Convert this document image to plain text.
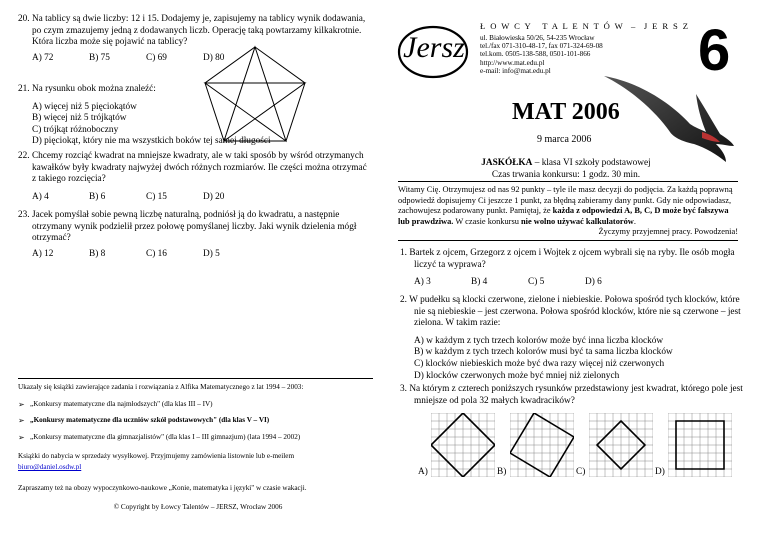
20. Na tablicy są dwie liczby: 12 i 15. Dodajemy je, zapisujemy na tablicy wynik dodawania, po czym zmazujemy jedną z dodawanych liczb. Operację taką powtarzamy kilkakrotnie. Która liczba może się pojawić na tablicy?

A) 72	B) 75	C) 69	D) 80

21. Na rysunku obok można znaleźć:

A) więcej niż 5 pięciokątów
B) więcej niż 5 trójkątów
C) trójkąt różnoboczny
D) pięciokąt, który nie ma wszystkich boków tej samej długości

22. Chcemy rozciąć kwadrat na mniejsze kwadraty, ale w taki sposób by wśród otrzymanych kawałków były kwadraty najwyżej dwóch różnych rozmiarów. Ile części można otrzymać z takiego rozcięcia?

A) 4	B) 6	C) 15	D) 20

23. Jacek pomyślał sobie pewną liczbę naturalną, podniósł ją do kwadratu, a następnie otrzymany wynik podzielił przez połowę pomyślanej liczby. Jaki wynik dzielenia mógł otrzymać?

A) 12	B) 8	C) 16	D) 5
Ukazały się książki zawierające zadania i rozwiązania z Alfika Matematycznego z lat 1994 – 2003:
➢ „Konkursy matematyczne dla najmłodszych" (dla klas III – IV)
➢ „Konkursy matematyczne dla uczniów szkół podstawowych" (dla klas V – VI)
➢ „Konkursy matematyczne dla gimnazjalistów" (dla klas I – III gimnazjum) (lata 1994 – 2002)
Książki do nabycia w sprzedaży wysyłkowej. Przyjmujemy zamówienia listownie lub e-meilem
biuro@daniel.osdw.pl
Zapraszamy też na obozy wypoczynkowo-naukowe „Konie, matematyka i języki" w czasie wakacji.
© Copyright by Łowcy Talentów – JERSZ, Wrocław 2006
Jersz
Ł O W C Y   T A L E N T Ó W  –  J E R S Z
ul. Białowieska 50/26, 54-235 Wrocław
tel./fax 071-310-48-17, fax 071-324-69-08
tel.kom. 0505-138-588, 0501-101-866
http://www.mat.edu.pl
e-mail: info@mat.edu.pl	6
MAT 2006
9 marca 2006
JASKÓŁKA – klasa VI szkoły podstawowej
Czas trwania konkursu: 1 godz. 30 min.
Witamy Cię. Otrzymujesz od nas 92 punkty – tyle ile masz decyzji do podjęcia. Za każdą poprawną odpowiedź dopisujemy Ci jeszcze 1 punkt, za błędną zabieramy dany punkt. Gdy nie odpowiadasz, zachowujesz podarowany punkt. Pamiętaj, że każda z odpowiedzi A, B, C, D może być fałszywa lub prawdziwa. W czasie konkursu nie wolno używać kalkulatorów.
Życzymy przyjemnej pracy. Powodzenia!

1. Bartek z ojcem, Grzegorz z ojcem i Wojtek z ojcem wybrali się na ryby. Ile osób mogła liczyć ta wyprawa?

A) 3	B) 4	C) 5	D) 6

2. W pudełku są klocki czerwone, zielone i niebieskie. Połowa spośród tych klocków, które nie są niebieskie – jest czerwona. Połowa spośród klocków, które nie są czerwone – jest zielona. W takim razie:

A) w każdym z tych trzech kolorów może być inna liczba klocków
B) w każdym z tych trzech kolorów musi być ta sama liczba klocków
C) klocków niebieskich może być dwa razy więcej niż czerwonych
D) klocków czerwonych może być mniej niż zielonych

3. Na którym z czterech poniższych rysunków przedstawiony jest kwadrat, którego pole jest mniejsze od pola 32 małych kwadracików?

A)	B)	C)	D)
